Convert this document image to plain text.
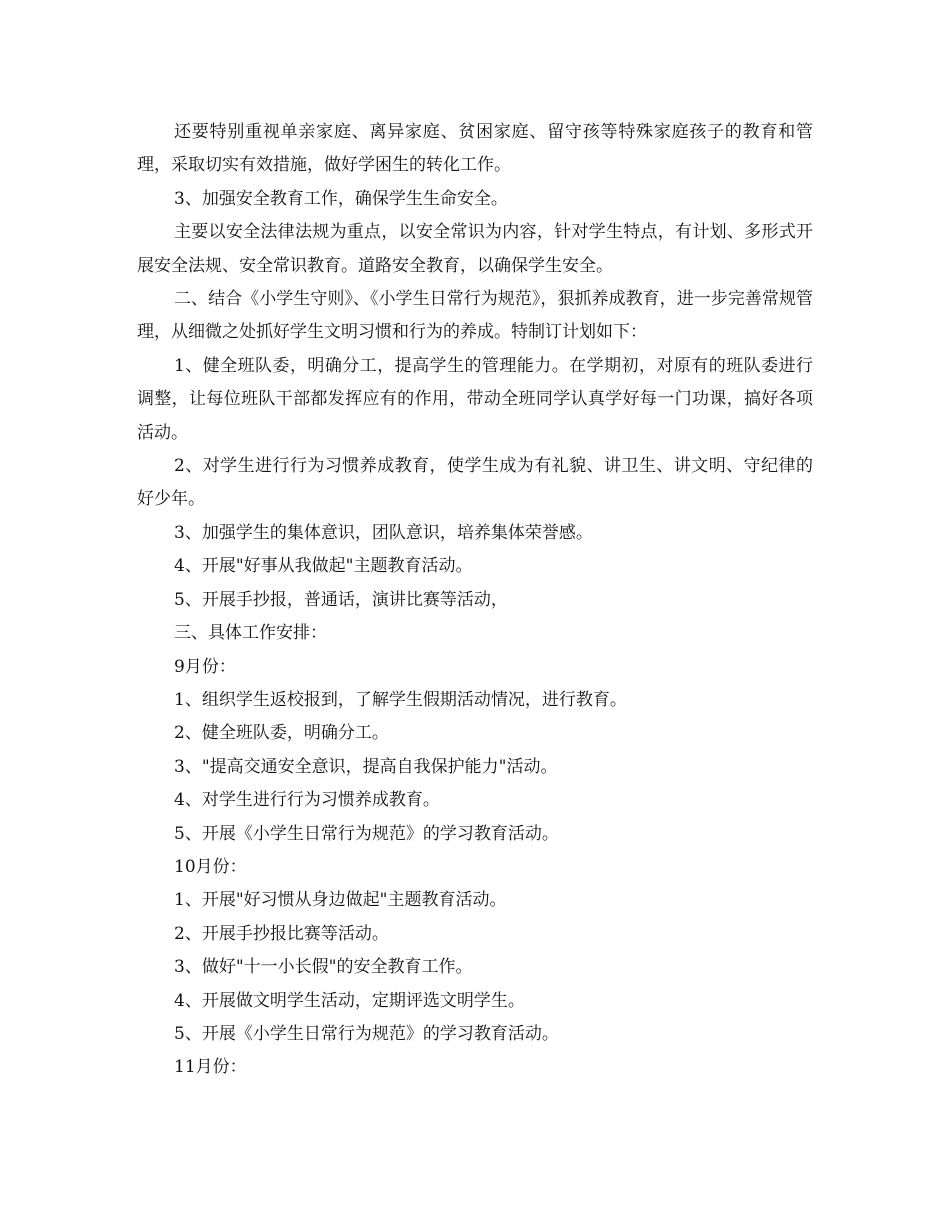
还要特别重视单亲家庭、离异家庭、贫困家庭、留守孩等特殊家庭孩子的教育和管理，采取切实有效措施，做好学困生的转化工作。

3、加强安全教育工作，确保学生生命安全。

主要以安全法律法规为重点，以安全常识为内容，针对学生特点，有计划、多形式开展安全法规、安全常识教育。道路安全教育，以确保学生安全。

二、结合《小学生守则》、《小学生日常行为规范》，狠抓养成教育，进一步完善常规管理，从细微之处抓好学生文明习惯和行为的养成。特制订计划如下：

1、健全班队委，明确分工，提高学生的管理能力。在学期初，对原有的班队委进行调整，让每位班队干部都发挥应有的作用，带动全班同学认真学好每一门功课，搞好各项活动。

2、对学生进行行为习惯养成教育，使学生成为有礼貌、讲卫生、讲文明、守纪律的好少年。

3、加强学生的集体意识，团队意识，培养集体荣誉感。

4、开展"好事从我做起"主题教育活动。

5、开展手抄报，普通话，演讲比赛等活动，

三、具体工作安排：

9月份：

1、组织学生返校报到，了解学生假期活动情况，进行教育。

2、健全班队委，明确分工。

3、"提高交通安全意识，提高自我保护能力"活动。

4、对学生进行行为习惯养成教育。

5、开展《小学生日常行为规范》的学习教育活动。

10月份：

1、开展"好习惯从身边做起"主题教育活动。

2、开展手抄报比赛等活动。

3、做好"十一小长假"的安全教育工作。

4、开展做文明学生活动，定期评选文明学生。

5、开展《小学生日常行为规范》的学习教育活动。

11月份：
